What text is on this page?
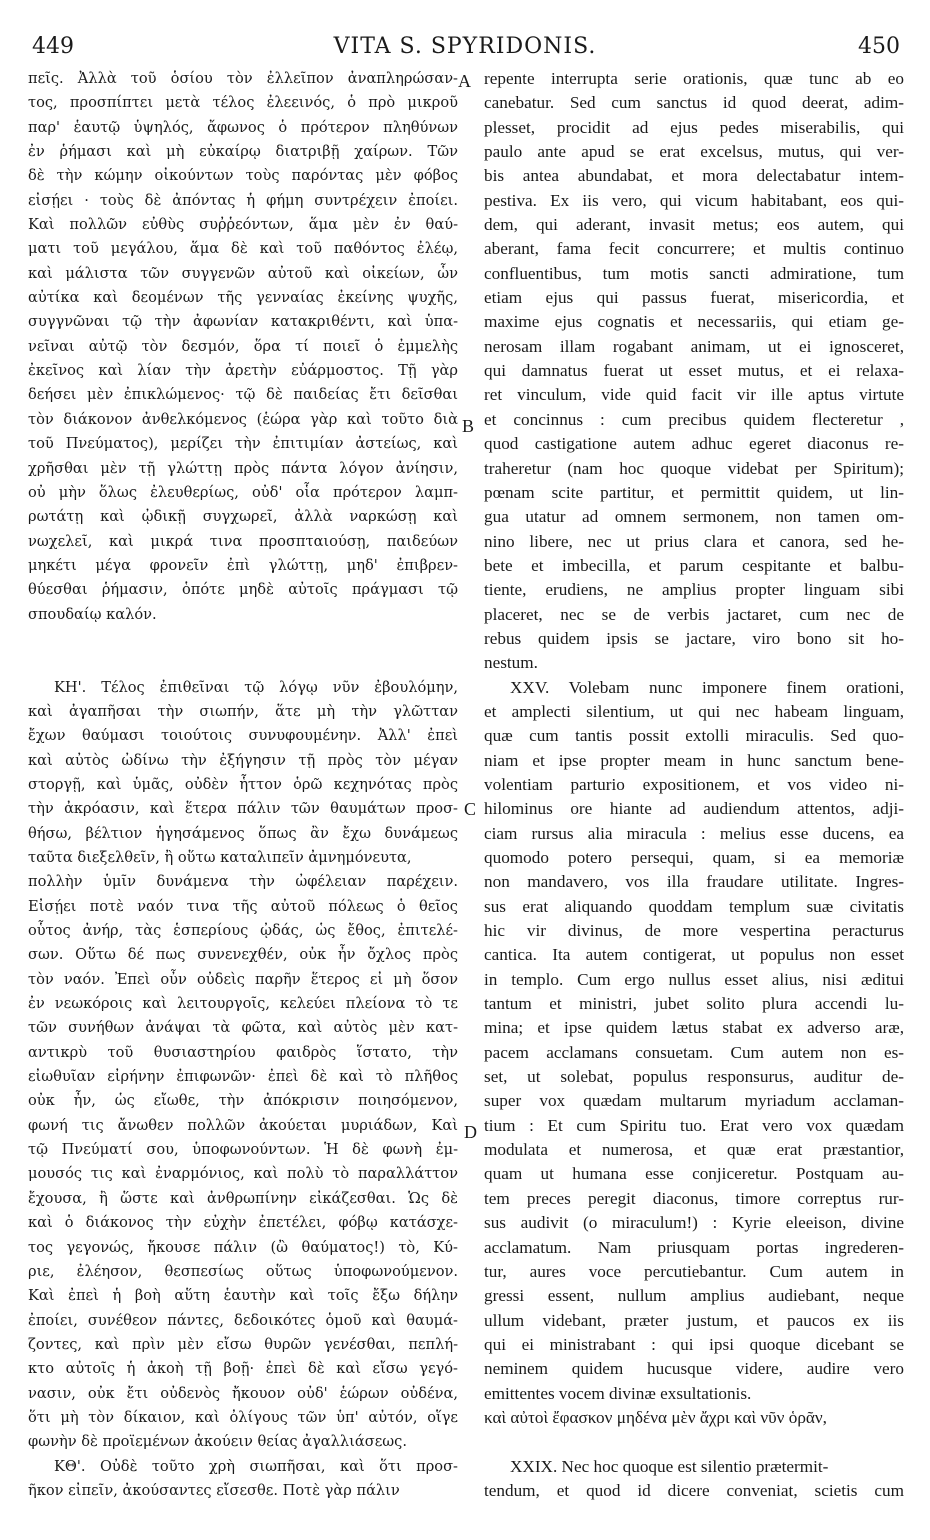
449	VITA S. SPYRIDONIS.	450
πεῖς. Ἀλλὰ τοῦ ὁσίου τὸν ἐλλεῖπον ἀναπληρώσαν-
τος, προσπίπτει μετὰ τέλος ἐλεεινός, ὁ πρὸ μικροῦ
παρ' ἑαυτῷ ὑψηλός, ἄφωνος ὁ πρότερον πληθύνων
ἐν ῥήμασι καὶ μὴ εὐκαίρῳ διατριβῇ χαίρων. Τῶν
δὲ τὴν κώμην οἰκούντων τοὺς παρόντας μὲν φόβος
εἰσῄει · τοὺς δὲ ἀπόντας ἡ φήμη συντρέχειν ἐποίει.
Καὶ πολλῶν εὐθὺς συῤῥεόντων, ἅμα μὲν ἐν θαύ-
ματι τοῦ μεγάλου, ἅμα δὲ καὶ τοῦ παθόντος ἐλέῳ,
καὶ μάλιστα τῶν συγγενῶν αὐτοῦ καὶ οἰκείων, ὧν
αὐτίκα καὶ δεομένων τῆς γενναίας ἐκείνης ψυχῆς,
συγγνῶναι τῷ τὴν ἀφωνίαν κατακριθέντι, καὶ ὑπα-
νεῖναι αὐτῷ τὸν δεσμόν, ὅρα τί ποιεῖ ὁ ἐμμελὴς
ἐκεῖνος καὶ λίαν τὴν ἀρετὴν εὐάρμοστος. Τῇ γὰρ
δεήσει μὲν ἐπικλώμενος· τῷ δὲ παιδείας ἔτι δεῖσθαι
τὸν διάκονον ἀνθελκόμενος (ἑώρα γὰρ καὶ τοῦτο διὰ
τοῦ Πνεύματος), μερίζει τὴν ἐπιτιμίαν ἀστείως, καὶ
χρῆσθαι μὲν τῇ γλώττῃ πρὸς πάντα λόγον ἀνίησιν,
οὐ μὴν ὅλως ἐλευθερίως, οὐδ' οἷα πρότερον λαμπ-
ρωτάτῃ καὶ ᾠδικῇ συγχωρεῖ, ἀλλὰ ναρκώσῃ καὶ
νωχελεῖ, καὶ μικρά τινα προσπταιούσῃ, παιδεύων
μηκέτι μέγα φρονεῖν ἐπὶ γλώττῃ, μηδ' ἐπιβρεν-
θύεσθαι ῥήμασιν, ὁπότε μηδὲ αὐτοῖς πράγμασι τῷ
σπουδαίῳ καλόν.
ΚΗ'. Τέλος ἐπιθεῖναι τῷ λόγῳ νῦν ἐβουλόμην,
καὶ ἀγαπῆσαι τὴν σιωπήν, ἅτε μὴ τὴν γλῶτταν
ἔχων θαύμασι τοιούτοις συνυφουμένην. Ἀλλ' ἐπεὶ
καὶ αὐτὸς ὠδίνω τὴν ἐξήγησιν τῇ πρὸς τὸν μέγαν
στοργῇ, καὶ ὑμᾶς, οὐδὲν ἧττον ὁρῶ κεχηνότας πρὸς
τὴν ἀκρόασιν, καὶ ἕτερα πάλιν τῶν θαυμάτων προσ-
θήσω, βέλτιον ἡγησάμενος ὅπως ἂν ἔχω δυνάμεως
ταῦτα διεξελθεῖν, ἢ οὕτω καταλιπεῖν ἀμνημόνευτα,
πολλὴν ὑμῖν δυνάμενα τὴν ὠφέλειαν παρέχειν.
Εἰσῄει ποτὲ ναόν τινα τῆς αὐτοῦ πόλεως ὁ θεῖος
οὗτος ἀνήρ, τὰς ἑσπερίους ᾠδάς, ὡς ἔθος, ἐπιτελέ-
σων. Οὕτω δέ πως συνενεχθέν, οὐκ ἦν ὄχλος πρὸς
τὸν ναόν. Ἐπεὶ οὖν οὐδεὶς παρῆν ἕτερος εἰ μὴ ὅσον
ἐν νεωκόροις καὶ λειτουργοῖς, κελεύει πλείονα τὸ τε
τῶν συνήθων ἀνάψαι τὰ φῶτα, καὶ αὐτὸς μὲν κατ-
αντικρὺ τοῦ θυσιαστηρίου φαιδρὸς ἵστατο, τὴν
εἰωθυῖαν εἰρήνην ἐπιφωνῶν· ἐπεὶ δὲ καὶ τὸ πλῆθος
οὐκ ἦν, ὡς εἴωθε, τὴν ἀπόκρισιν ποιησόμενον,
φωνή τις ἄνωθεν πολλῶν ἀκούεται μυριάδων, Καὶ
τῷ Πνεύματί σου, ὑποφωνούντων. Ἡ δὲ φωνὴ ἐμ-
μουσός τις καὶ ἐναρμόνιος, καὶ πολὺ τὸ παραλλάττον
ἔχουσα, ἢ ὥστε καὶ ἀνθρωπίνην εἰκάζεσθαι. Ὡς δὲ
καὶ ὁ διάκονος τὴν εὐχὴν ἐπετέλει, φόβῳ κατάσχε-
τος γεγονώς, ἤκουσε πάλιν (ὢ θαύματος!) τὸ, Κύ-
ριε, ἐλέησον, θεσπεσίως οὕτως ὑποφωνούμενον.
Καὶ ἐπεὶ ἡ βοὴ αὕτη ἑαυτὴν καὶ τοῖς ἔξω δήλην
ἐποίει, συνέθεον πάντες, δεδοικότες ὁμοῦ καὶ θαυμά-
ζοντες, καὶ πρὶν μὲν εἴσω θυρῶν γενέσθαι, πεπλή-
κτο αὐτοῖς ἡ ἀκοὴ τῇ βοῇ· ἐπεὶ δὲ καὶ εἴσω γεγό-
νασιν, οὐκ ἔτι οὐδενὸς ἤκουον οὐδ' ἑώρων οὐδένα,
ὅτι μὴ τὸν δίκαιον, καὶ ὀλίγους τῶν ὑπ' αὐτόν, οἵγε
φωνὴν δὲ προϊεμένων ἀκούειν θείας ἀγαλλιάσεως.
ΚΘ'. Οὐδὲ τοῦτο χρὴ σιωπῆσαι, καὶ ὅτι προσ-
ῆκον εἰπεῖν, ἀκούσαντες εἴσεσθε. Ποτὲ γὰρ πάλιν
repente interrupta serie orationis, quæ tunc ab eo
canebatur. Sed cum sanctus id quod deerat, adim-
plesset, procidit ad ejus pedes miserabilis, qui
paulo ante apud se erat excelsus, mutus, qui ver-
bis antea abundabat, et mora delectabatur intem-
pestiva. Ex iis vero, qui vicum habitabant, eos qui-
dem, qui aderant, invasit metus; eos autem, qui
aberant, fama fecit concurrere; et multis continuo
confluentibus, tum motis sancti admiratione, tum
etiam ejus qui passus fuerat, misericordia, et
maxime ejus cognatis et necessariis, qui etiam ge-
nerosam illam rogabant animam, ut ei ignosceret,
qui damnatus fuerat ut esset mutus, et ei relaxa-
ret vinculum, vide quid facit vir ille aptus virtute
et concinnus : cum precibus quidem flecteretur ,
quod castigatione autem adhuc egeret diaconus re-
traheretur (nam hoc quoque videbat per Spiritum);
pœnam scite partitur, et permittit quidem, ut lin-
gua utatur ad omnem sermonem, non tamen om-
nino libere, nec ut prius clara et canora, sed he-
bete et imbecilla, et parum cespitante et balbu-
tiente, erudiens, ne amplius propter linguam sibi
placeret, nec se de verbis jactaret, cum nec de
rebus quidem ipsis se jactare, viro bono sit ho-
nestum.
XXV. Volebam nunc imponere finem orationi,
et amplecti silentium, ut qui nec habeam linguam,
quæ cum tantis possit extolli miraculis. Sed quo-
niam et ipse propter meam in hunc sanctum bene-
volentiam parturio expositionem, et vos video ni-
hilominus ore hiante ad audiendum attentos, adji-
ciam rursus alia miracula : melius esse ducens, ea
quomodo potero persequi, quam, si ea memoriæ
non mandavero, vos illa fraudare utilitate. Ingres-
sus erat aliquando quoddam templum suæ civitatis
hic vir divinus, de more vespertina peracturus
cantica. Ita autem contigerat, ut populus non esset
in templo. Cum ergo nullus esset alius, nisi æditui
tantum et ministri, jubet solito plura accendi lu-
mina; et ipse quidem lætus stabat ex adverso aræ,
pacem acclamans consuetam. Cum autem non es-
set, ut solebat, populus responsurus, auditur de-
super vox quædam multarum myriadum acclaman-
tium : Et cum Spiritu tuo. Erat vero vox quædam
modulata et numerosa, et quæ erat præstantior,
quam ut humana esse conjiceretur. Postquam au-
tem preces peregit diaconus, timore correptus rur-
sus audivit (o miraculum!) : Kyrie eleeison, divine
acclamatum. Nam priusquam portas ingrederen-
tur, aures voce percutiebantur. Cum autem in
gressi essent, nullum amplius audiebant, neque
ullum videbant, præter justum, et paucos ex iis
qui ei ministrabant : qui ipsi quoque dicebant se
neminem quidem hucusque videre, audire vero
emittentes vocem divinæ exsultationis.
καὶ αὐτοὶ ἔφασκον μηδένα μὲν ἄχρι καὶ νῦν ὁρᾶν,
XXIX. Nec hoc quoque est silentio prætermit-
tendum, et quod id dicere conveniat, scietis cum
A
B
C
D
